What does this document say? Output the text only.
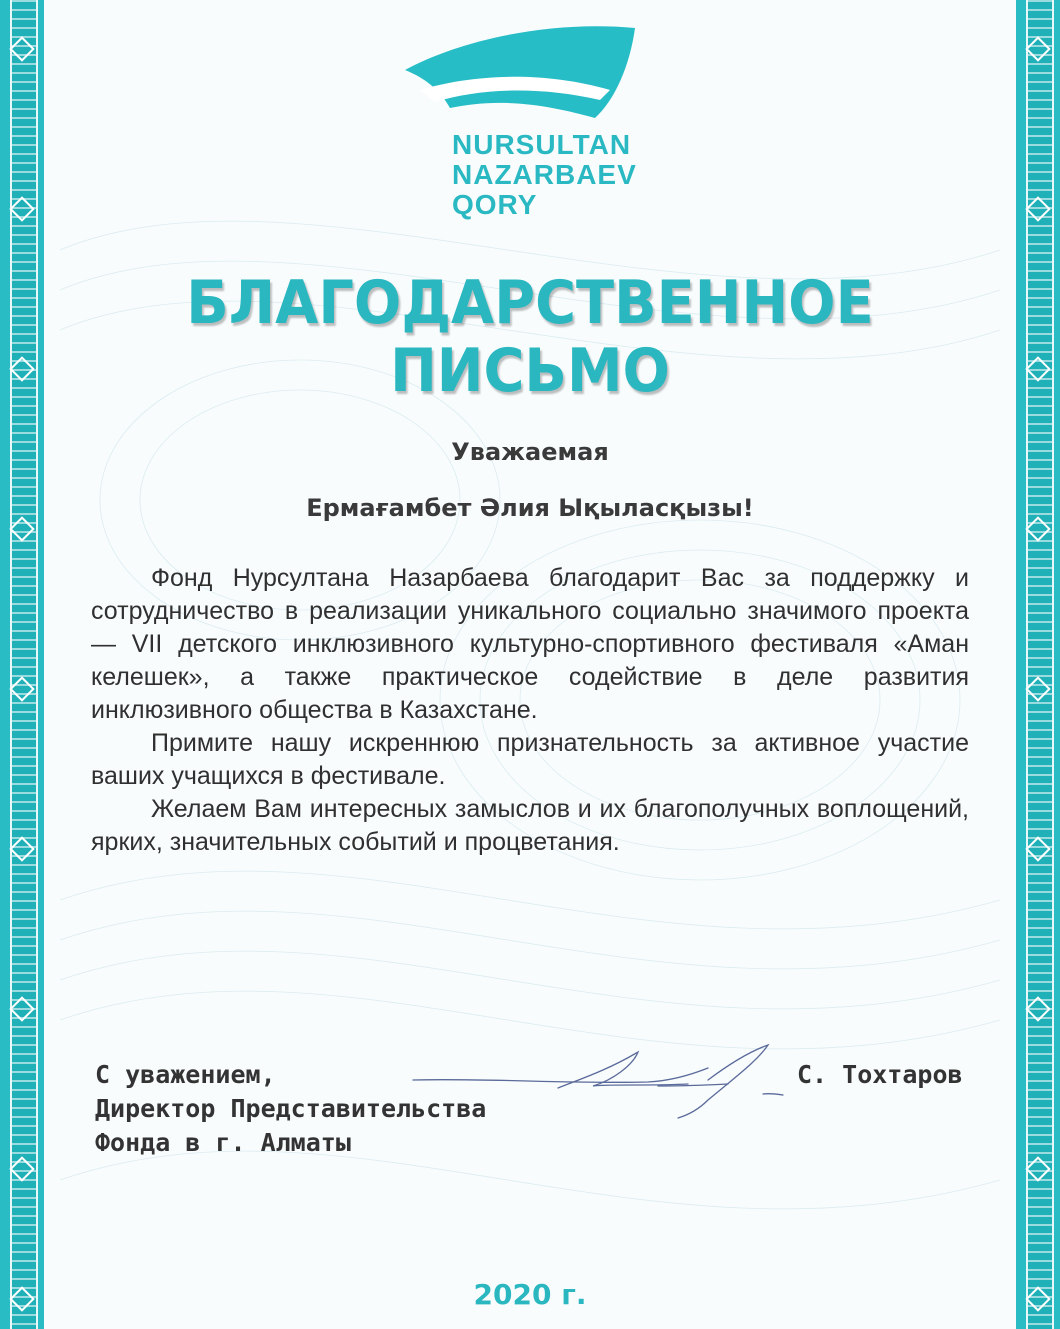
NURSULTAN
NAZARBAEV
QORY
БЛАГОДАРСТВЕННОЕ
ПИСЬМО
Уважаемая
Ермағамбет Әлия Ықыласқызы!

Фонд Нурсултана Назарбаева благодарит Вас за поддержку и сотрудничество в реализации уникального социально значимого проекта — VII детского инклюзивного культурно-спортивного фестиваля «Аман келешек», а также практическое содействие в деле развития инклюзивного общества в Казахстане.

Примите нашу искреннюю признательность за активное участие ваших учащихся в фестивале.

Желаем Вам интересных замыслов и их благополучных воплощений, ярких, значительных событий и процветания.

С уважением,
Директор Представительства
Фонда в г. Алматы
С. Тохтаров
2020 г.
